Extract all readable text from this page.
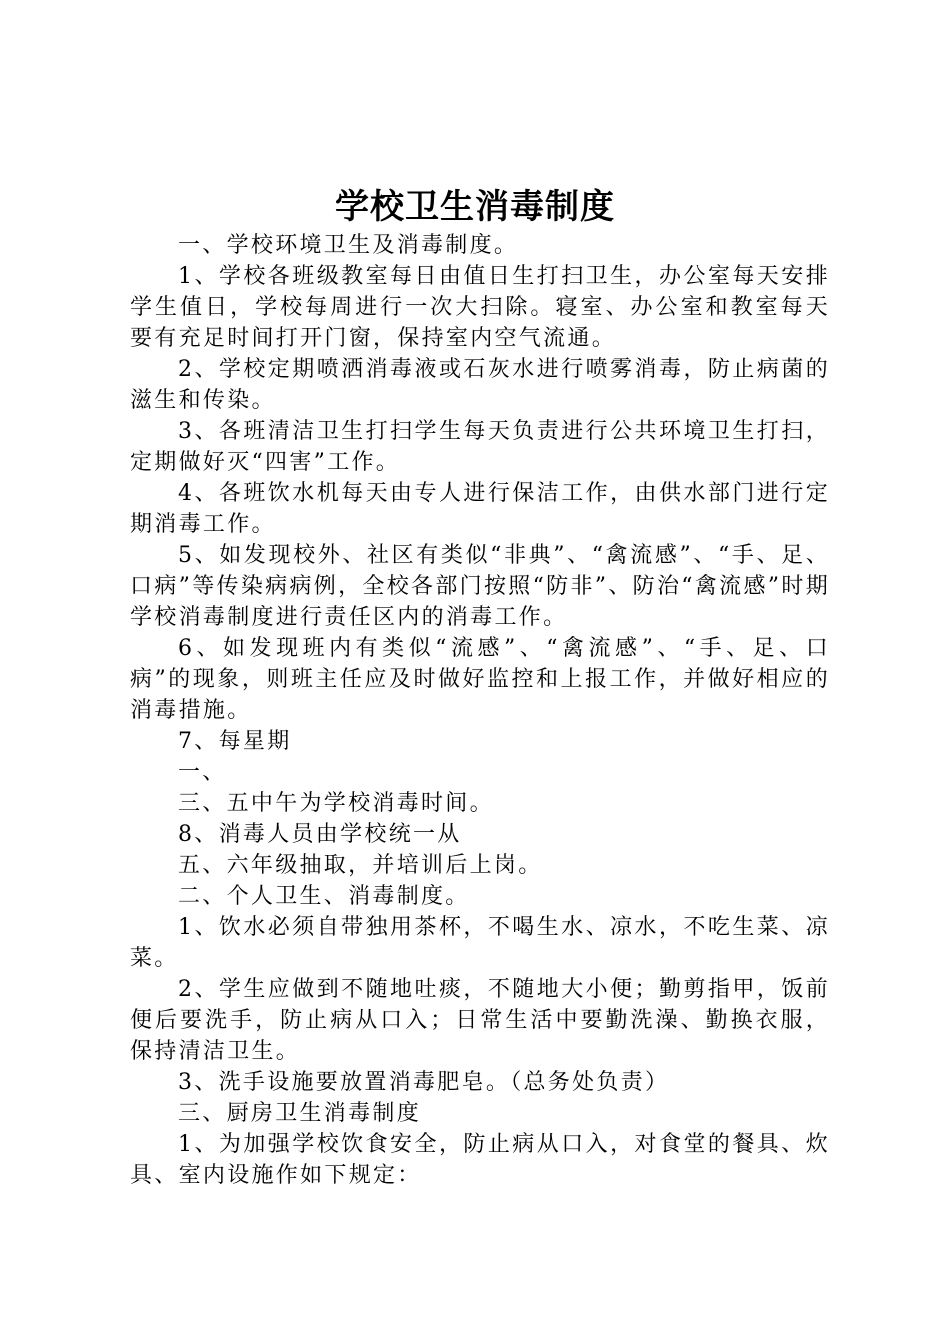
学校卫生消毒制度

一、学校环境卫生及消毒制度。

1、学校各班级教室每日由值日生打扫卫生，办公室每天安排学生值日，学校每周进行一次大扫除。寝室、办公室和教室每天要有充足时间打开门窗，保持室内空气流通。

2、学校定期喷洒消毒液或石灰水进行喷雾消毒，防止病菌的滋生和传染。

3、各班清洁卫生打扫学生每天负责进行公共环境卫生打扫，定期做好灭“四害”工作。

4、各班饮水机每天由专人进行保洁工作，由供水部门进行定期消毒工作。

5、如发现校外、社区有类似“非典”、“禽流感”、“手、足、口病”等传染病病例，全校各部门按照“防非”、防治“禽流感”时期学校消毒制度进行责任区内的消毒工作。

6、如发现班内有类似“流感”、“禽流感”、“手、足、口病”的现象，则班主任应及时做好监控和上报工作，并做好相应的消毒措施。

7、每星期

一、

三、五中午为学校消毒时间。

8、消毒人员由学校统一从

五、六年级抽取，并培训后上岗。

二、个人卫生、消毒制度。

1、饮水必须自带独用茶杯，不喝生水、凉水，不吃生菜、凉菜。

2、学生应做到不随地吐痰，不随地大小便；勤剪指甲，饭前便后要洗手，防止病从口入；日常生活中要勤洗澡、勤换衣服，保持清洁卫生。

3、洗手设施要放置消毒肥皂。（总务处负责）

三、厨房卫生消毒制度

1、为加强学校饮食安全，防止病从口入，对食堂的餐具、炊具、室内设施作如下规定：
